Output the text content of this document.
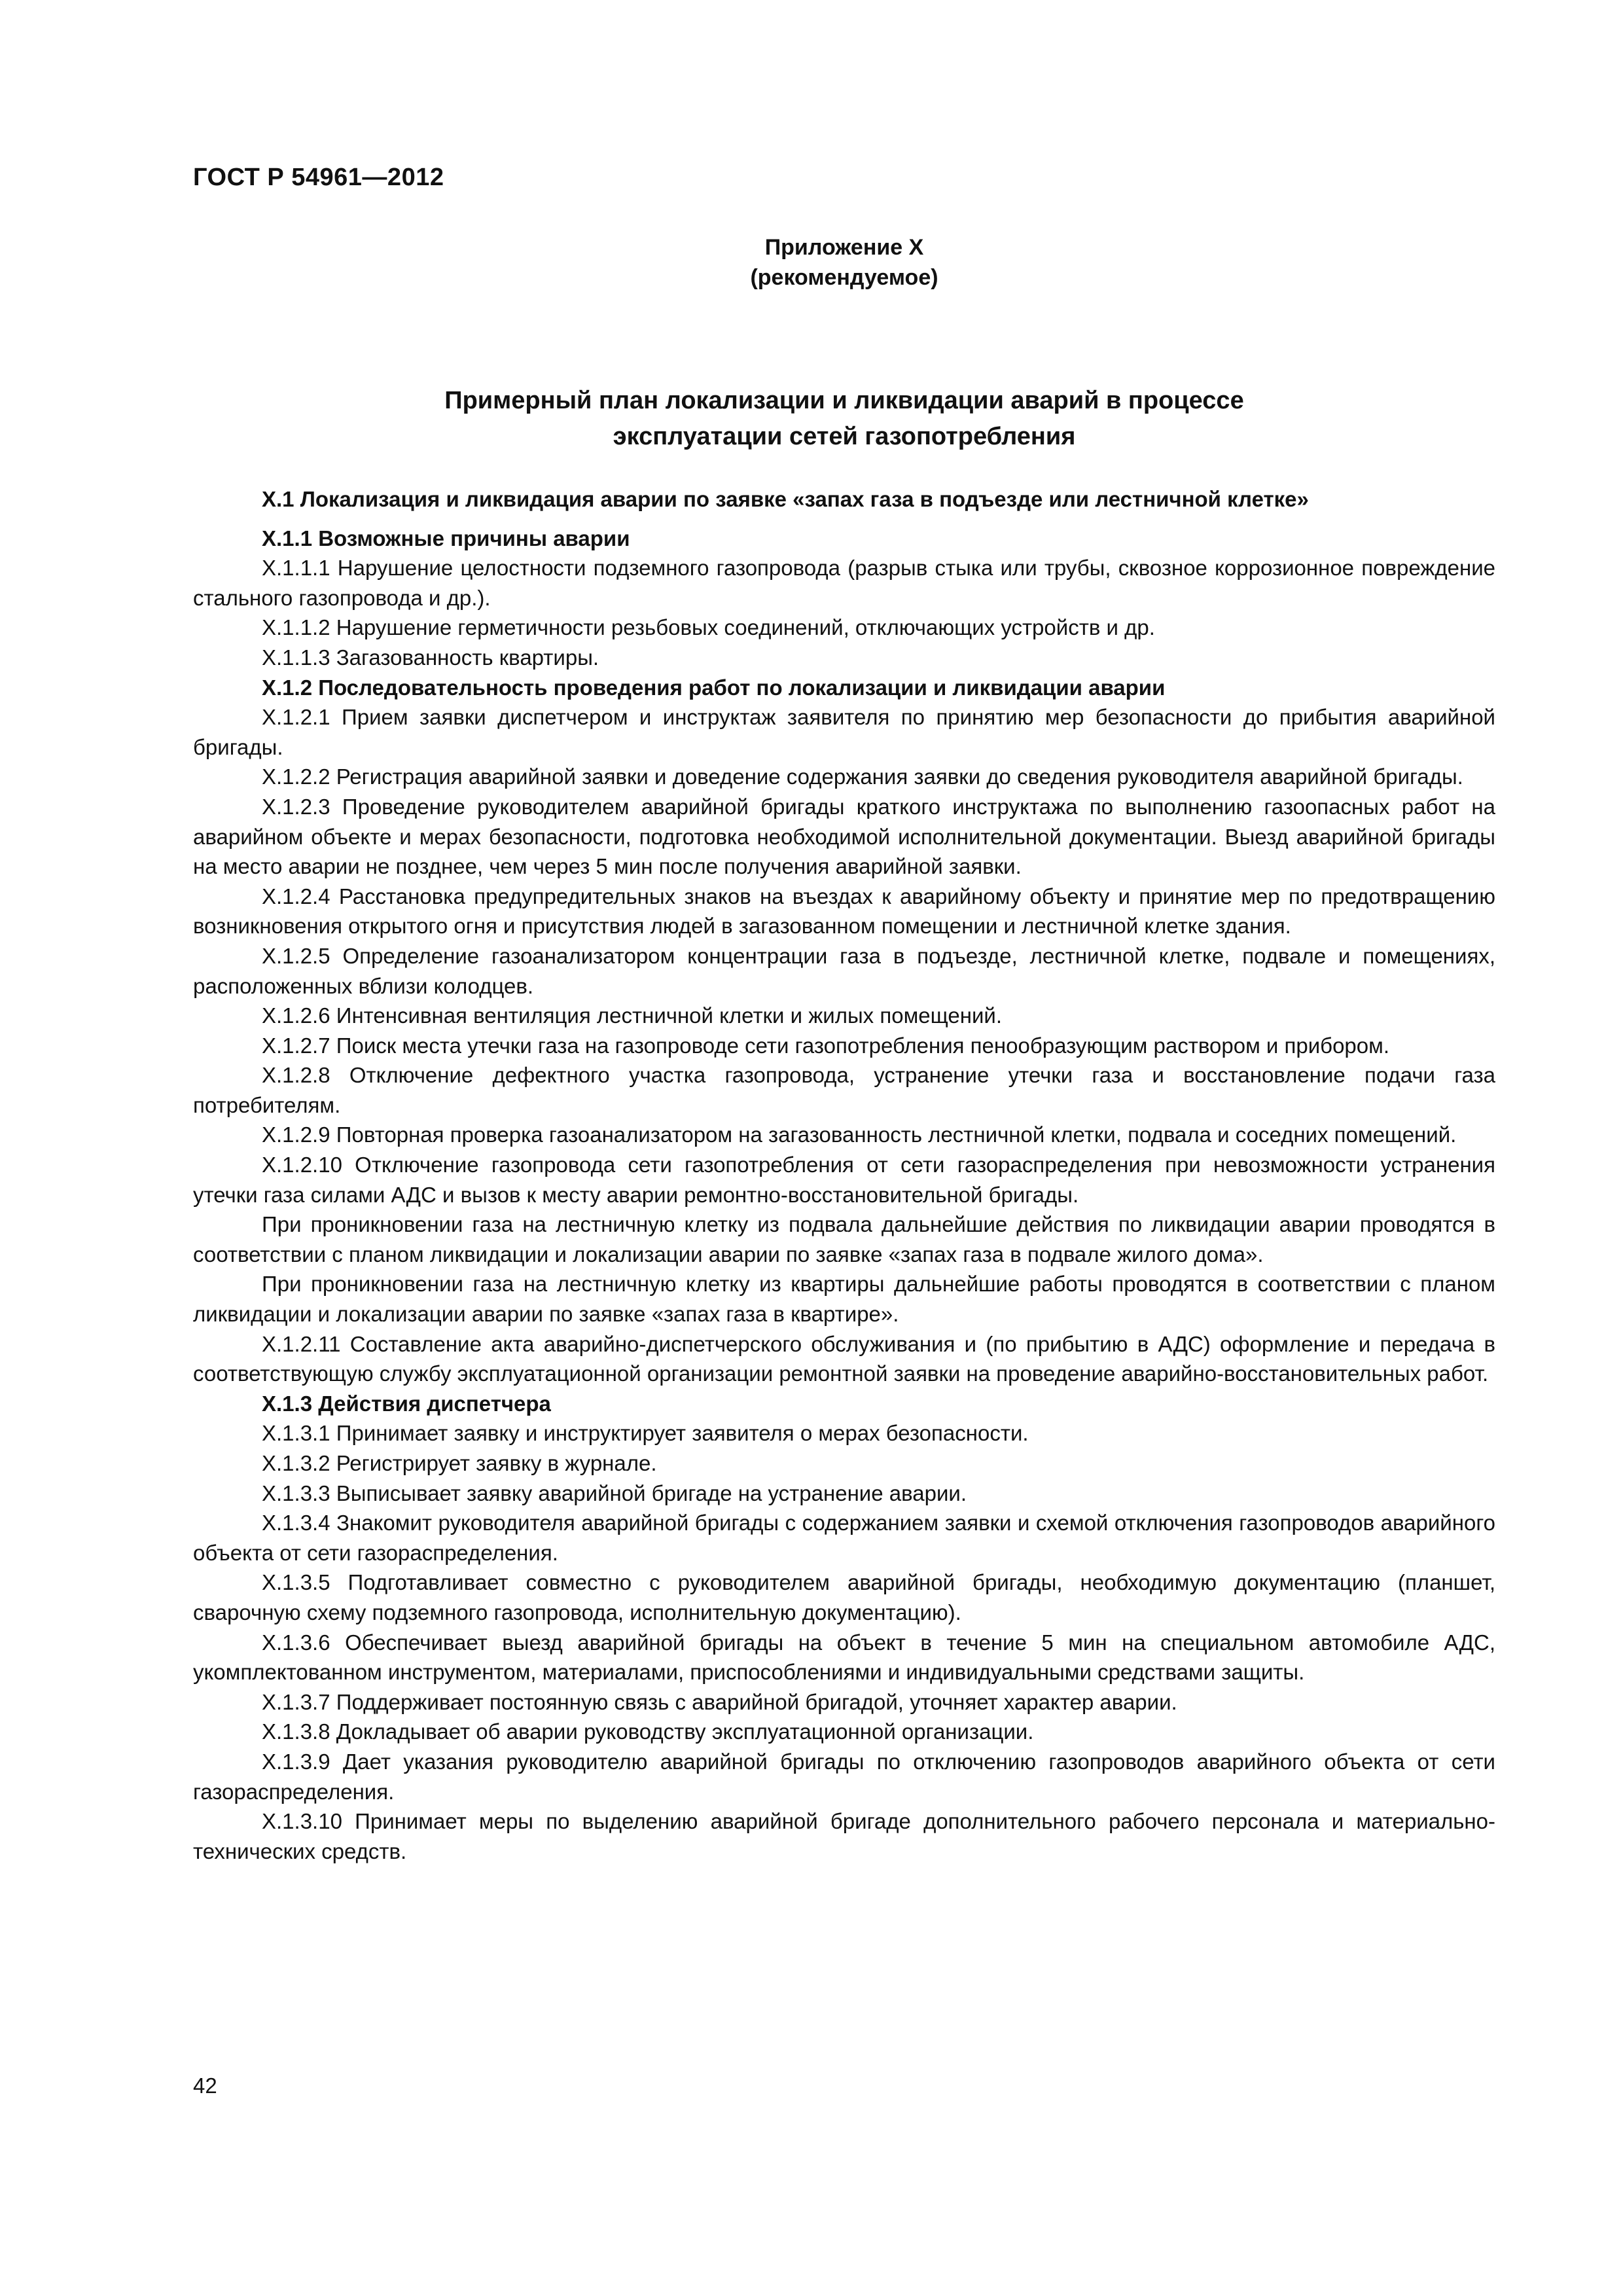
ГОСТ Р 54961—2012
Приложение Х
(рекомендуемое)
Примерный план локализации и ликвидации аварий в процессе
эксплуатации сетей газопотребления

Х.1 Локализация и ликвидация аварии по заявке «запах газа в подъезде или лестничной клетке»

Х.1.1 Возможные причины аварии

Х.1.1.1 Нарушение целостности подземного газопровода (разрыв стыка или трубы, сквозное коррозионное повреждение стального газопровода и др.).

Х.1.1.2 Нарушение герметичности резьбовых соединений, отключающих устройств и др.

Х.1.1.3 Загазованность квартиры.

Х.1.2 Последовательность проведения работ по локализации и ликвидации аварии

Х.1.2.1 Прием заявки диспетчером и инструктаж заявителя по принятию мер безопасности до прибытия аварийной бригады.

Х.1.2.2 Регистрация аварийной заявки и доведение содержания заявки до сведения руководителя аварийной бригады.

Х.1.2.3 Проведение руководителем аварийной бригады краткого инструктажа по выполнению газоопасных работ на аварийном объекте и мерах безопасности, подготовка необходимой исполнительной документации. Выезд аварийной бригады на место аварии не позднее, чем через 5 мин после получения аварийной заявки.

Х.1.2.4 Расстановка предупредительных знаков на въездах к аварийному объекту и принятие мер по предотвращению возникновения открытого огня и присутствия людей в загазованном помещении и лестничной клетке здания.

Х.1.2.5 Определение газоанализатором концентрации газа в подъезде, лестничной клетке, подвале и помещениях, расположенных вблизи колодцев.

Х.1.2.6 Интенсивная вентиляция лестничной клетки и жилых помещений.

Х.1.2.7 Поиск места утечки газа на газопроводе сети газопотребления пенообразующим раствором и прибором.

Х.1.2.8 Отключение дефектного участка газопровода, устранение утечки газа и восстановление подачи газа потребителям.

Х.1.2.9 Повторная проверка газоанализатором на загазованность лестничной клетки, подвала и соседних помещений.

Х.1.2.10 Отключение газопровода сети газопотребления от сети газораспределения при невозможности устранения утечки газа силами АДС и вызов к месту аварии ремонтно-восстановительной бригады.

При проникновении газа на лестничную клетку из подвала дальнейшие действия по ликвидации аварии проводятся в соответствии с планом ликвидации и локализации аварии по заявке «запах газа в подвале жилого дома».

При проникновении газа на лестничную клетку из квартиры дальнейшие работы проводятся в соответствии с планом ликвидации и локализации аварии по заявке «запах газа в квартире».

Х.1.2.11 Составление акта аварийно-диспетчерского обслуживания и (по прибытию в АДС) оформление и передача в соответствующую службу эксплуатационной организации ремонтной заявки на проведение аварийно-восстановительных работ.

Х.1.3 Действия диспетчера

Х.1.3.1 Принимает заявку и инструктирует заявителя о мерах безопасности.

Х.1.3.2 Регистрирует заявку в журнале.

Х.1.3.3 Выписывает заявку аварийной бригаде на устранение аварии.

Х.1.3.4 Знакомит руководителя аварийной бригады с содержанием заявки и схемой отключения газопроводов аварийного объекта от сети газораспределения.

Х.1.3.5 Подготавливает совместно с руководителем аварийной бригады, необходимую документацию (планшет, сварочную схему подземного газопровода, исполнительную документацию).

Х.1.3.6 Обеспечивает выезд аварийной бригады на объект в течение 5 мин на специальном автомобиле АДС, укомплектованном инструментом, материалами, приспособлениями и индивидуальными средствами защиты.

Х.1.3.7 Поддерживает постоянную связь с аварийной бригадой, уточняет характер аварии.

Х.1.3.8 Докладывает об аварии руководству эксплуатационной организации.

Х.1.3.9 Дает указания руководителю аварийной бригады по отключению газопроводов аварийного объекта от сети газораспределения.

Х.1.3.10 Принимает меры по выделению аварийной бригаде дополнительного рабочего персонала и материально-технических средств.

42
